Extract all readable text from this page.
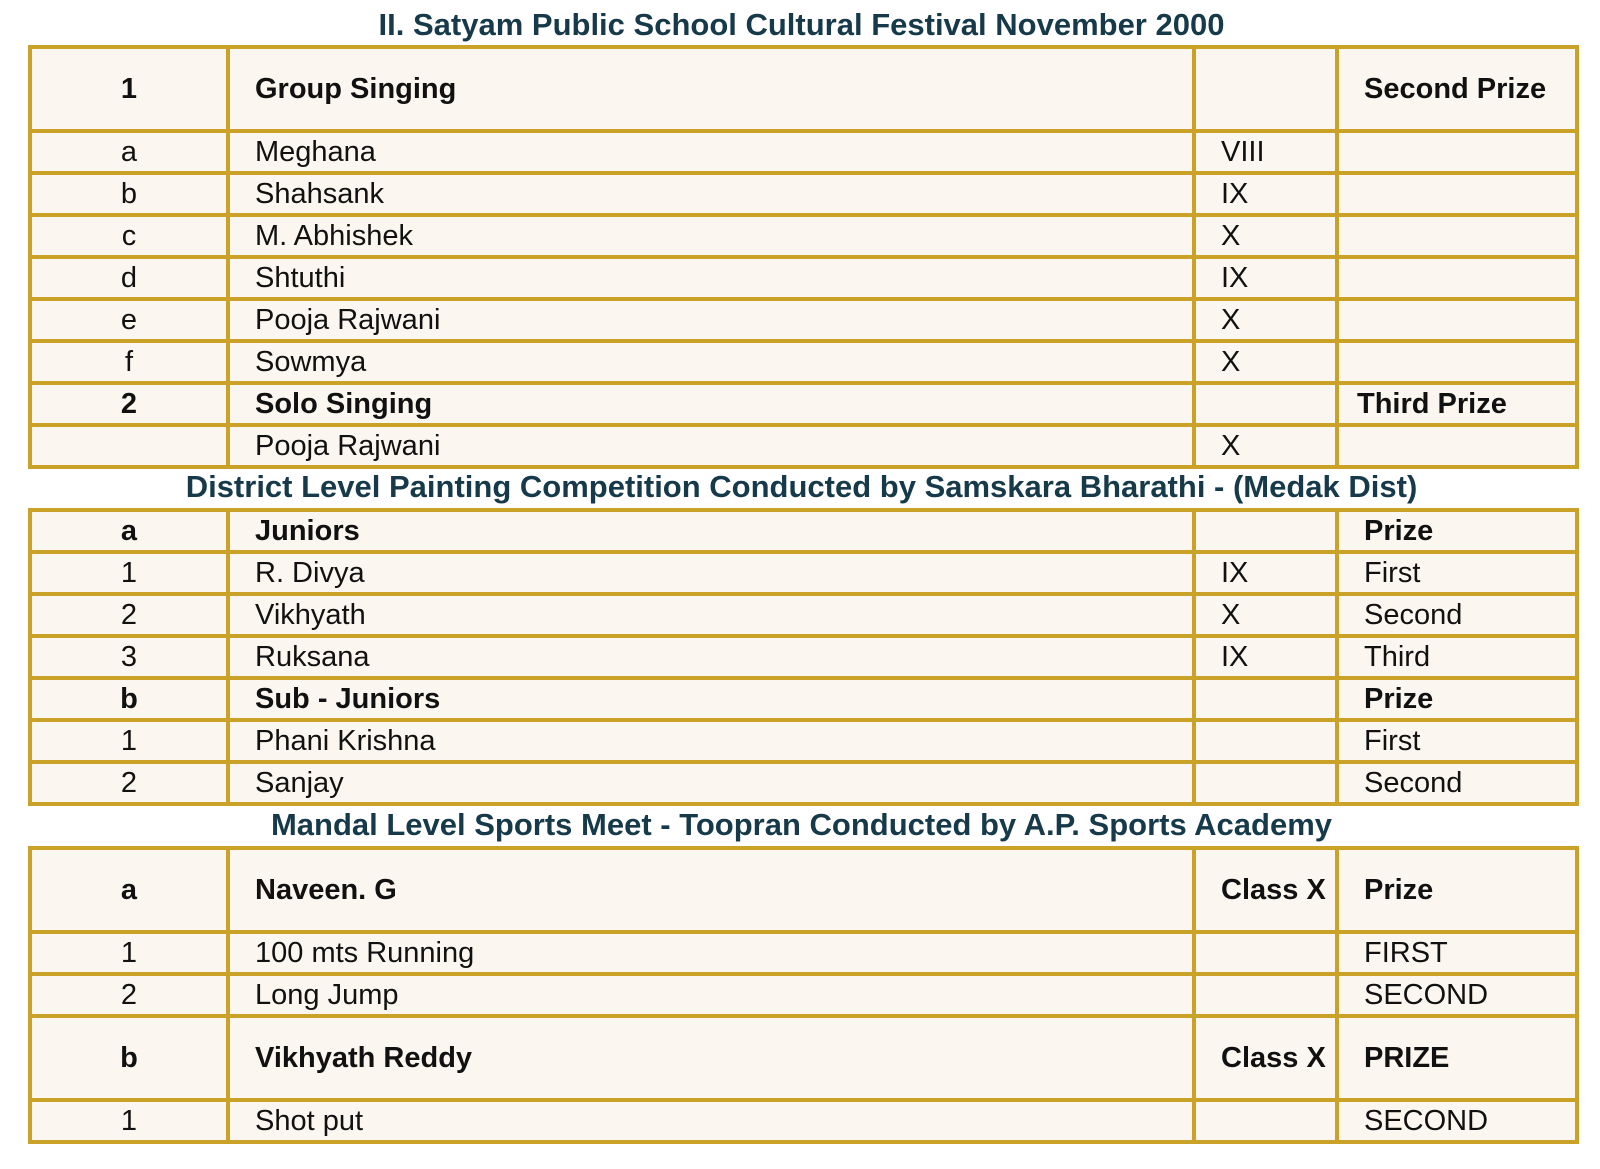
II. Satyam Public School Cultural Festival November 2000
1	Group Singing		Second Prize
a	Meghana	VIII	
b	Shahsank	IX	
c	M. Abhishek	X	
d	Shtuthi	IX	
e	Pooja Rajwani	X	
f	Sowmya	X	
2	Solo Singing		Third Prize
	Pooja Rajwani	X	
District Level Painting Competition Conducted by Samskara Bharathi - (Medak Dist)
a	Juniors		Prize
1	R. Divya	IX	First
2	Vikhyath	X	Second
3	Ruksana	IX	Third
b	Sub - Juniors		Prize
1	Phani Krishna		First
2	Sanjay		Second
Mandal Level Sports Meet - Toopran Conducted by A.P. Sports Academy
a	Naveen. G	Class X	Prize
1	100 mts Running		FIRST
2	Long Jump		SECOND
b	Vikhyath Reddy	Class X	PRIZE
1	Shot put		SECOND
